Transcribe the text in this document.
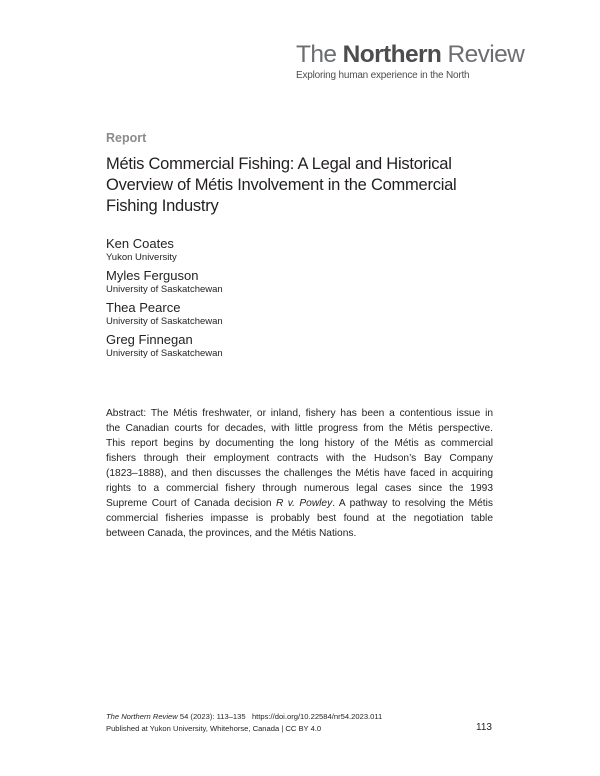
The Northern Review
Exploring human experience in the North
Report
Métis Commercial Fishing: A Legal and Historical
Overview of Métis Involvement in the Commercial
Fishing Industry
Ken Coates
Yukon University
Myles Ferguson
University of Saskatchewan
Thea Pearce
University of Saskatchewan
Greg Finnegan
University of Saskatchewan
Abstract: The Métis freshwater, or inland, fishery has been a contentious issue in
the Canadian courts for decades, with little progress from the Métis perspective.
This report begins by documenting the long history of the Métis as commercial
fishers through their employment contracts with the Hudson’s Bay Company
(1823–1888), and then discusses the challenges the Métis have faced in acquiring
rights to a commercial fishery through numerous legal cases since the 1993
Supreme Court of Canada decision R v. Powley. A pathway to resolving the Métis
commercial fisheries impasse is probably best found at the negotiation table
between Canada, the provinces, and the Métis Nations.
The Northern Review 54 (2023): 113–135 https://doi.org/10.22584/nr54.2023.011
Published at Yukon University, Whitehorse, Canada | CC BY 4.0	113
